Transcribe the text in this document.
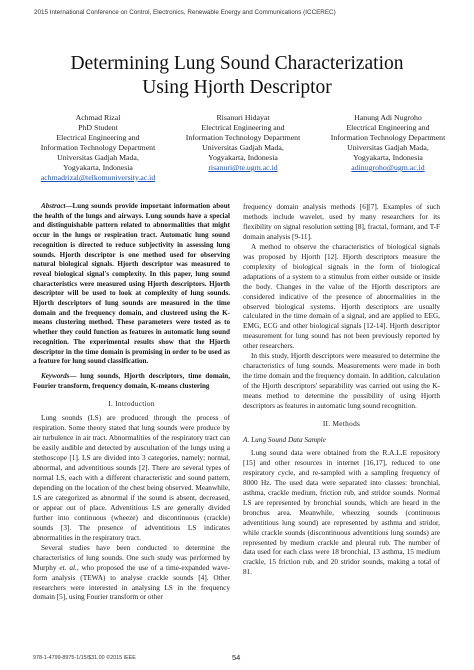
2015 International Conference on Control, Electronics, Renewable Energy and Communications (ICCEREC)
Determining Lung Sound Characterization
Using Hjorth Descriptor
Achmad Rizal
PhD Student
Electrical Engineering and
Information Technology Department
Universitas Gadjah Mada,
Yogyakarta, Indonesia
achmadrizal@telkomuniversity.ac.id
Risanuri Hidayat
Electrical Engineering and
Information Technology Department
Universitas Gadjah Mada,
Yogyakarta, Indonesia
risanuri@te.ugm.ac.id
Hanung Adi Nugroho
Electrical Engineering and
Information Technology Department
Universitas Gadjah Mada,
Yogyakarta, Indonesia
adinugroho@ugm.ac.id

Abstract—Lung sounds provide important information about the health of the lungs and airways. Lung sounds have a special and distinguishable pattern related to abnormalities that might occur in the lungs or respiration tract. Automatic lung sound recognition is directed to reduce subjectivity in assessing lung sounds. Hjorth descriptor is one method used for observing natural biological signals. Hjorth descriptor was measured to reveal biological signal's complexity. In this paper, lung sound characteristics were measured using Hjorth descriptors. Hjorth descriptor will be used to look at complexity of lung sounds. Hjorth descriptors of lung sounds are measured in the time domain and the frequency domain, and clustered using the K-means clustering method. These parameters were tested as to whether they could function as features in automatic lung sound recognition. The experimental results show that the Hjorth descriptor in the time domain is promising in order to be used as a feature for lung sound classification.

Keywords— lung sounds, Hjorth descriptors, time domain, Fourier transform, frequency domain, K-means clustering

I. Introduction

Lung sounds (LS) are produced through the process of respiration. Some theory stated that lung sounds were produce by air turbulence in air tract. Abnormalities of the respiratory tract can be easily audible and detected by auscultation of the lungs using a stethoscope [1]. LS are divided into 3 categories, namely; normal, abnormal, and adventitious sounds [2]. There are several types of normal LS, each with a different characteristic and sound pattern, depending on the location of the chest being observed. Meanwhile, LS are categorized as abnormal if the sound is absent, decreased, or appear out of place. Adventitious LS are generally divided further into continuous (wheeze) and discontinuous (crackle) sounds [3]. The presence of adventitious LS indicates abnormalities in the respiratory tract.

Several studies have been conducted to determine the characteristics of lung sounds. One such study was performed by Murphy et. al., who proposed the use of a time-expanded wave-form analysis (TEWA) to analyse crackle sounds [4]. Other researchers were interested in analysing LS in the frequency domain [5], using Fourier transform or other

frequency domain analysis methods [6][7]. Examples of such methods include wavelet, used by many researchers for its flexibility on signal resolution setting [8], fractal, formant, and T-F domain analysis [9-11].

A method to observe the characteristics of biological signals was proposed by Hjorth [12]. Hjorth descriptors measure the complexity of biological signals in the form of biological adaptations of a system to a stimulus from either outside or inside the body. Changes in the value of the Hjorth descriptors are considered indicative of the presence of abnormalities in the observed biological systems. Hjorth descriptors are usually calculated in the time domain of a signal, and are applied to EEG, EMG, ECG and other biological signals [12-14]. Hjorth descriptor measurement for lung sound has not been previously reported by other researchers.

In this study, Hjorth descriptors were measured to determine the characteristics of lung sounds. Measurements were made in both the time domain and the frequency domain. In addition, calculation of the Hjorth descriptors' separability was carried out using the K-means method to determine the possibility of using Hjorth descriptors as features in automatic lung sound recognition.

II. Methods
A. Lung Sound Data Sample

Lung sound data were obtained from the R.A.L.E repository [15] and other resources in internet [16,17], reduced to one respiratory cycle, and re-sampled with a sampling frequency of 8000 Hz. The used data were separated into classes: bronchial, asthma, crackle medium, friction rub, and stridor sounds. Normal LS are represented by bronchial sounds, which are heard in the bronchus area. Meanwhile, wheezing sounds (continuous adventitious lung sound) are represented by asthma and stridor, while crackle sounds (discontinuous adventitious lung sounds) are represented by medium crackle and pleural rub. The number of data used for each class were 18 bronchial, 13 asthma, 15 medium crackle, 15 friction rub, and 20 stridor sounds, making a total of 81.

978-1-4799-8975-1/15/$31.00 ©2015 IEEE	54
